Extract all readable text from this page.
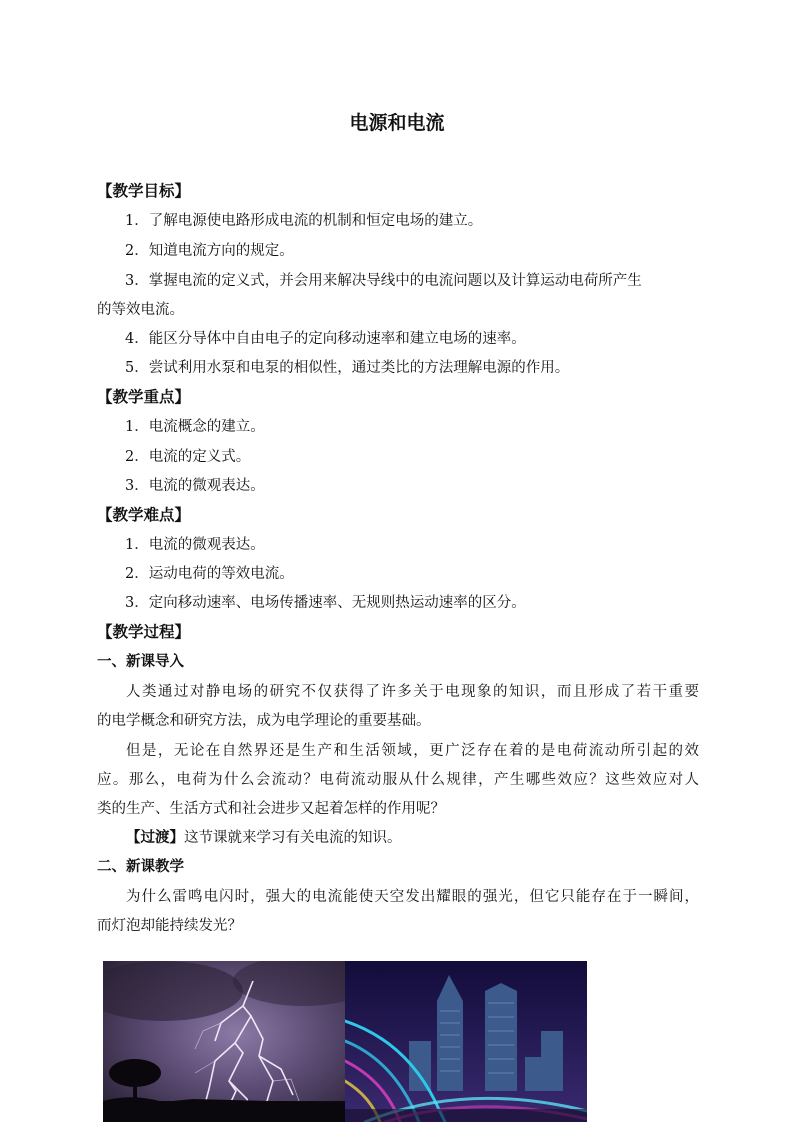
电源和电流
【教学目标】
1．了解电源使电路形成电流的机制和恒定电场的建立。
2．知道电流方向的规定。
3．掌握电流的定义式，并会用来解决导线中的电流问题以及计算运动电荷所产生
的等效电流。
4．能区分导体中自由电子的定向移动速率和建立电场的速率。
5．尝试利用水泵和电泵的相似性，通过类比的方法理解电源的作用。
【教学重点】
1．电流概念的建立。
2．电流的定义式。
3．电流的微观表达。
【教学难点】
1．电流的微观表达。
2．运动电荷的等效电流。
3．定向移动速率、电场传播速率、无规则热运动速率的区分。
【教学过程】
一、新课导入
人类通过对静电场的研究不仅获得了许多关于电现象的知识，而且形成了若干重要
的电学概念和研究方法，成为电学理论的重要基础。
但是，无论在自然界还是生产和生活领域，更广泛存在着的是电荷流动所引起的效
应。那么，电荷为什么会流动？电荷流动服从什么规律，产生哪些效应？这些效应对人
类的生产、生活方式和社会进步又起着怎样的作用呢？
【过渡】这节课就来学习有关电流的知识。
二、新课教学
为什么雷鸣电闪时，强大的电流能使天空发出耀眼的强光，但它只能存在于一瞬间，
而灯泡却能持续发光？
